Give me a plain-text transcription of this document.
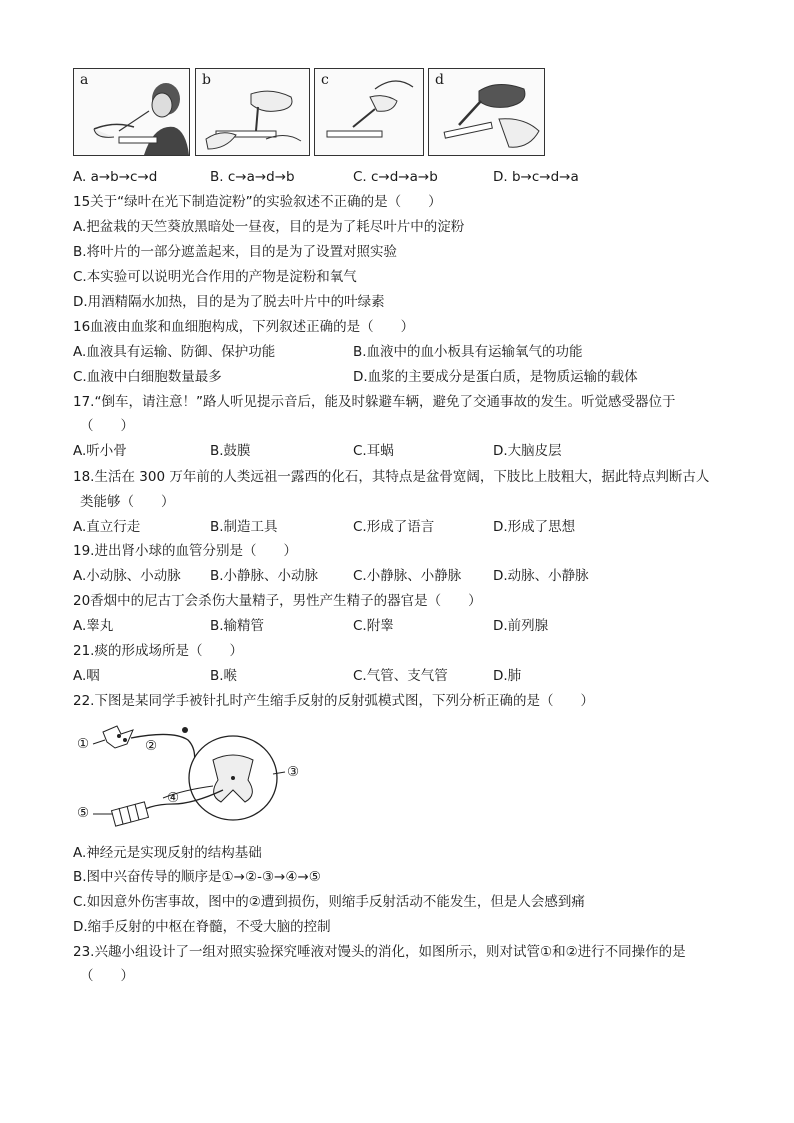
a	b	c	d
A. a→b→c→d	B. c→a→d→b	C. c→d→a→b	D. b→c→d→a
15关于“绿叶在光下制造淀粉”的实验叙述不正确的是（　　）
A.把盆栽的天竺葵放黑暗处一昼夜，目的是为了耗尽叶片中的淀粉
B.将叶片的一部分遮盖起来，目的是为了设置对照实验
C.本实验可以说明光合作用的产物是淀粉和氧气
D.用酒精隔水加热，目的是为了脱去叶片中的叶绿素
16血液由血浆和血细胞构成，下列叙述正确的是（　　）
A.血液具有运输、防御、保护功能	B.血液中的血小板具有运输氧气的功能
C.血液中白细胞数量最多	D.血浆的主要成分是蛋白质，是物质运输的载体
17.“倒车，请注意！”路人听见提示音后，能及时躲避车辆，避免了交通事故的发生。听觉感受器位于
（　　）
A.听小骨	B.鼓膜	C.耳蜗	D.大脑皮层
18.生活在 300 万年前的人类远祖一露西的化石，其特点是盆骨宽阔，下肢比上肢粗大，据此特点判断古人
类能够（　　）
A.直立行走	B.制造工具	C.形成了语言	D.形成了思想
19.进出肾小球的血管分别是（　　）
A.小动脉、小动脉 B.小静脉、小动脉	C.小静脉、小静脉 D.动脉、小静脉
20香烟中的尼古丁会杀伤大量精子，男性产生精子的器官是（　　）
A.睾丸	B.输精管	C.附睾	D.前列腺
21.痰的形成场所是（　　）
A.咽	B.喉	C.气管、支气管	D.肺
22.下图是某同学手被针扎时产生缩手反射的反射弧模式图，下列分析正确的是（　　）
①	②
③
④
⑤
A.神经元是实现反射的结构基础
B.图中兴奋传导的顺序是①→②-③→④→⑤
C.如因意外伤害事故，图中的②遭到损伤，则缩手反射活动不能发生，但是人会感到痛
D.缩手反射的中枢在脊髓，不受大脑的控制
23.兴趣小组设计了一组对照实验探究唾液对馒头的消化，如图所示，则对试管①和②进行不同操作的是
（　　）
